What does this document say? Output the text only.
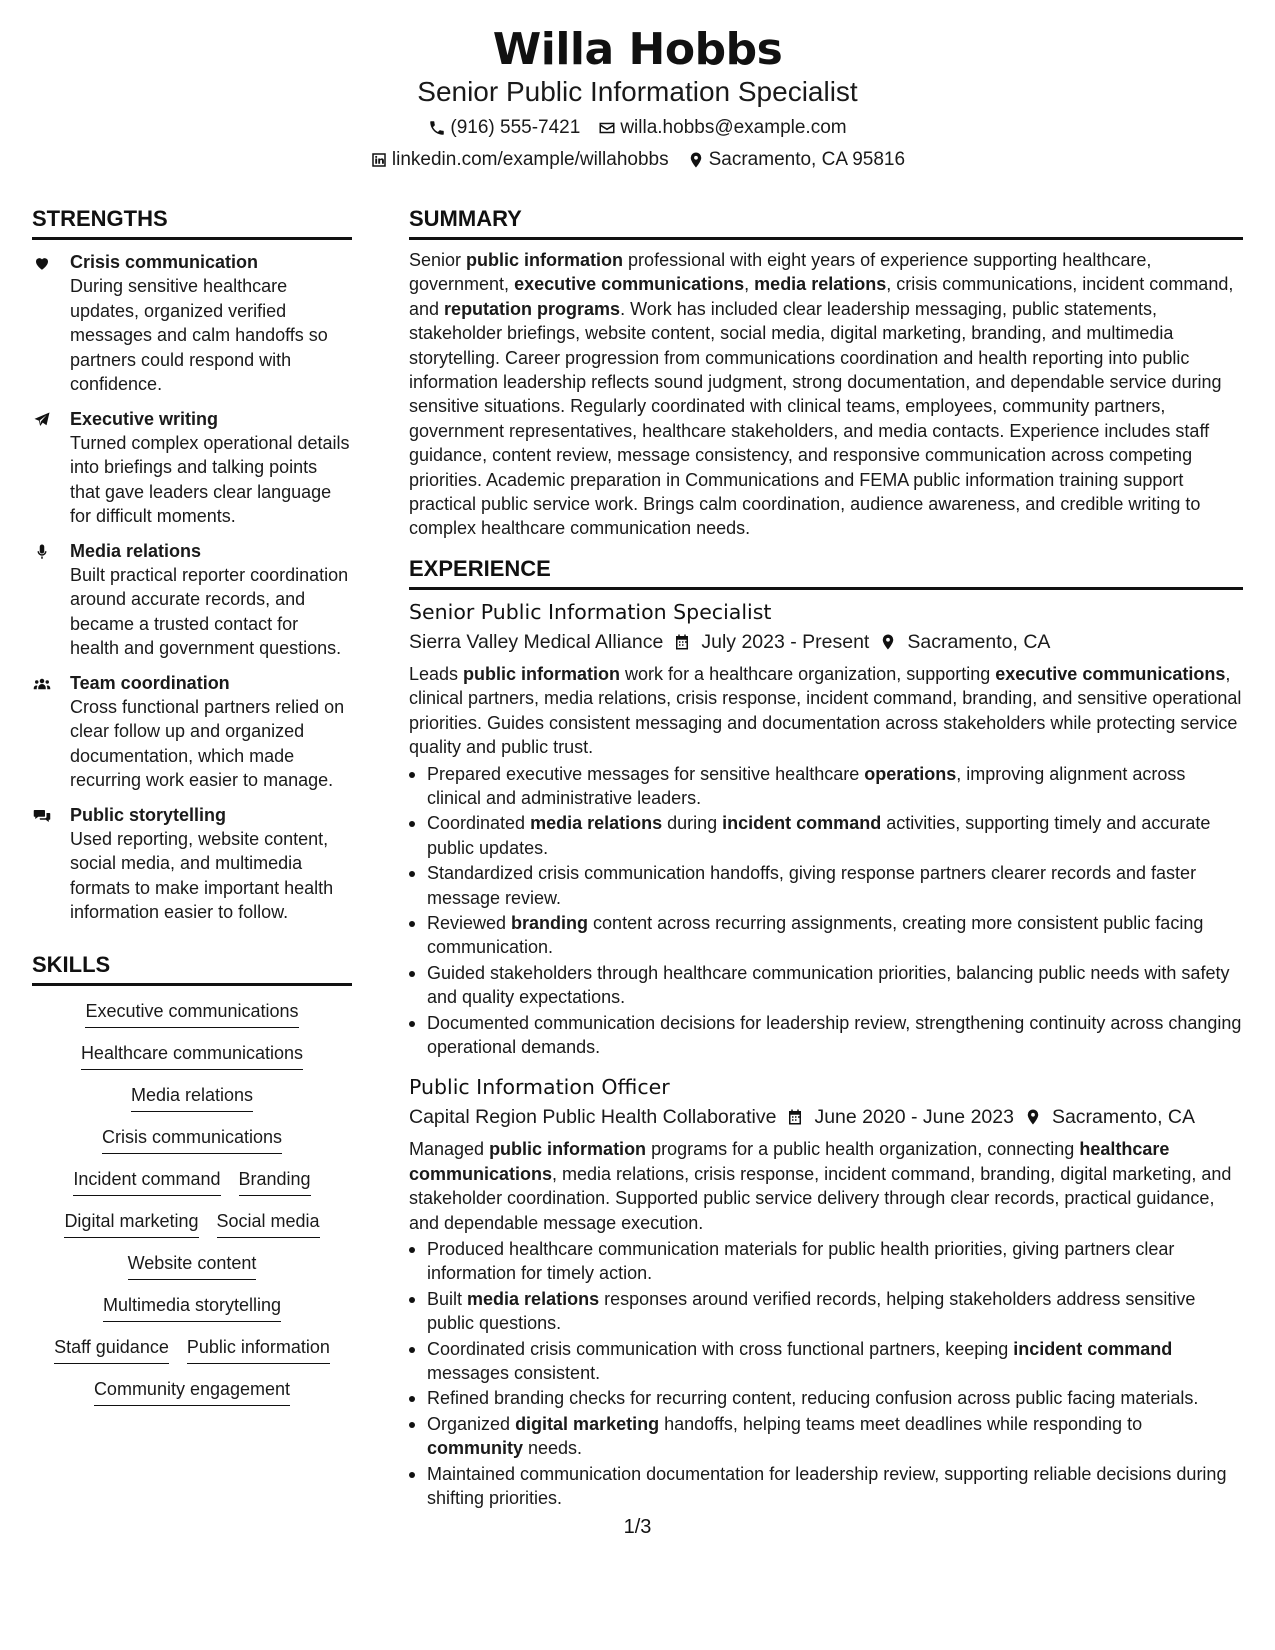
Willa Hobbs
Senior Public Information Specialist
(916) 555-7421 willa.hobbs@example.com
linkedin.com/example/willahobbs Sacramento, CA 95816
STRENGTHS
Crisis communication
During sensitive healthcare updates, organized verified messages and calm handoffs so partners could respond with confidence.
Executive writing
Turned complex operational details into briefings and talking points that gave leaders clear language for difficult moments.
Media relations
Built practical reporter coordination around accurate records, and became a trusted contact for health and government questions.
Team coordination
Cross functional partners relied on clear follow up and organized documentation, which made recurring work easier to manage.
Public storytelling
Used reporting, website content, social media, and multimedia formats to make important health information easier to follow.
SKILLS
Executive communications
Healthcare communications
Media relations
Crisis communications
Incident command Branding
Digital marketing Social media
Website content
Multimedia storytelling
Staff guidance Public information
Community engagement
SUMMARY
Senior public information professional with eight years of experience supporting healthcare, government, executive communications, media relations, crisis communications, incident command, and reputation programs. Work has included clear leadership messaging, public statements, stakeholder briefings, website content, social media, digital marketing, branding, and multimedia storytelling. Career progression from communications coordination and health reporting into public information leadership reflects sound judgment, strong documentation, and dependable service during sensitive situations. Regularly coordinated with clinical teams, employees, community partners, government representatives, healthcare stakeholders, and media contacts. Experience includes staff guidance, content review, message consistency, and responsive communication across competing priorities. Academic preparation in Communications and FEMA public information training support practical public service work. Brings calm coordination, audience awareness, and credible writing to complex healthcare communication needs.
EXPERIENCE
Senior Public Information Specialist
Sierra Valley Medical Alliance July 2023 - Present Sacramento, CA
Leads public information work for a healthcare organization, supporting executive communications, clinical partners, media relations, crisis response, incident command, branding, and sensitive operational priorities. Guides consistent messaging and documentation across stakeholders while protecting service quality and public trust.
Prepared executive messages for sensitive healthcare operations, improving alignment across clinical and administrative leaders.
Coordinated media relations during incident command activities, supporting timely and accurate public updates.
Standardized crisis communication handoffs, giving response partners clearer records and faster message review.
Reviewed branding content across recurring assignments, creating more consistent public facing communication.
Guided stakeholders through healthcare communication priorities, balancing public needs with safety and quality expectations.
Documented communication decisions for leadership review, strengthening continuity across changing operational demands.
Public Information Officer
Capital Region Public Health Collaborative June 2020 - June 2023 Sacramento, CA
Managed public information programs for a public health organization, connecting healthcare communications, media relations, crisis response, incident command, branding, digital marketing, and stakeholder coordination. Supported public service delivery through clear records, practical guidance, and dependable message execution.
Produced healthcare communication materials for public health priorities, giving partners clear information for timely action.
Built media relations responses around verified records, helping stakeholders address sensitive public questions.
Coordinated crisis communication with cross functional partners, keeping incident command messages consistent.
Refined branding checks for recurring content, reducing confusion across public facing materials.
Organized digital marketing handoffs, helping teams meet deadlines while responding to community needs.
Maintained communication documentation for leadership review, supporting reliable decisions during shifting priorities.
1/3
